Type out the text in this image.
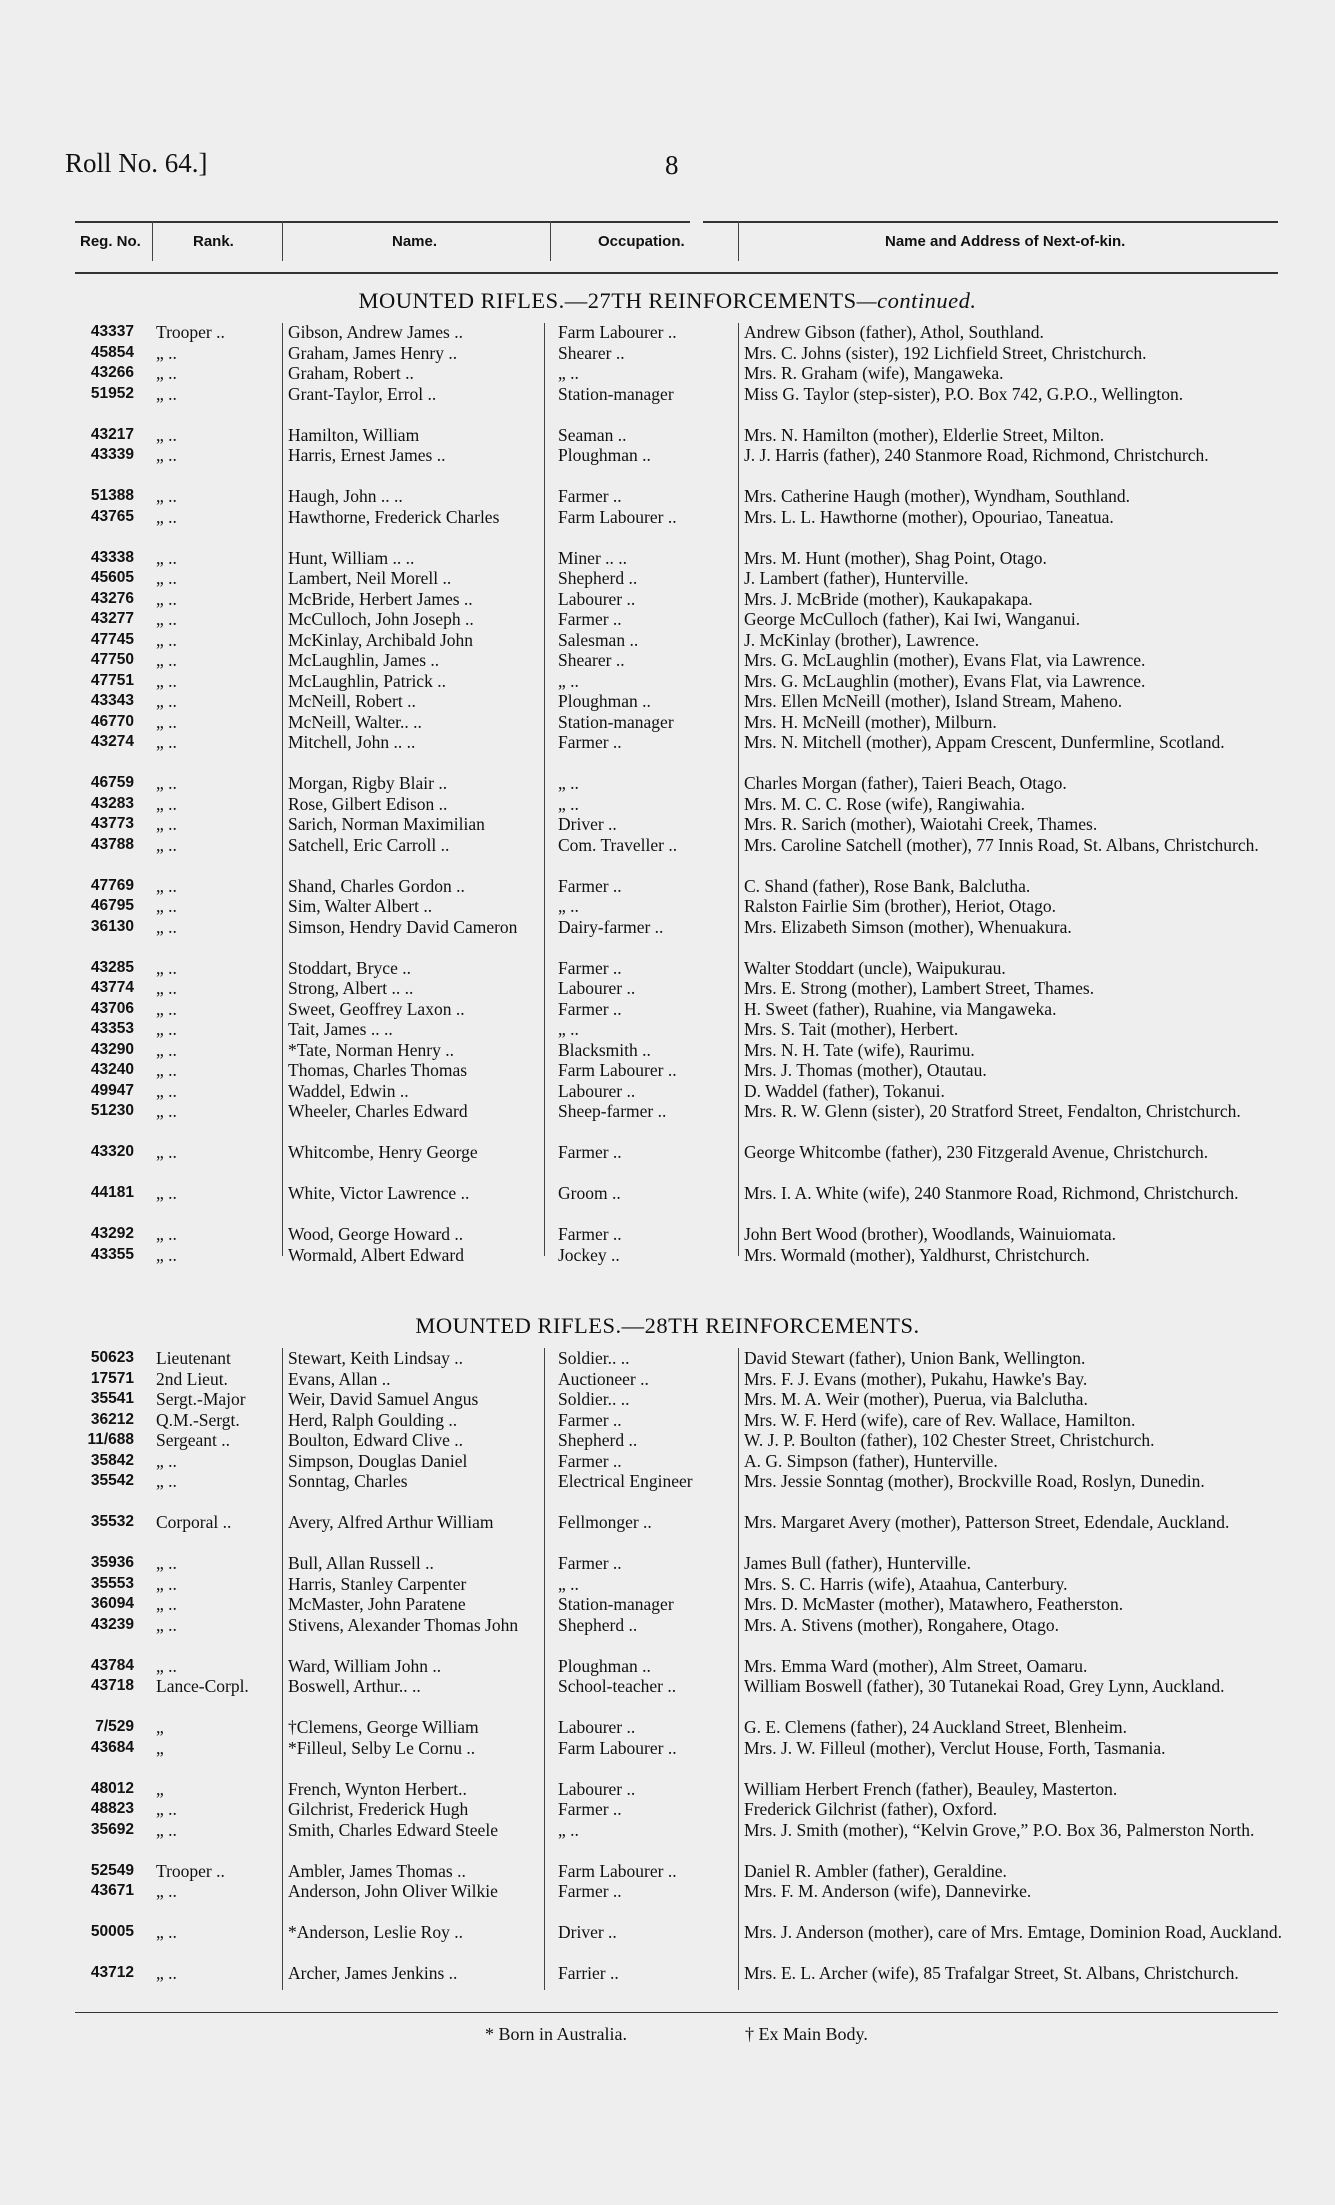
Roll No. 64.]	8
Reg. No.	Rank.	Name.	Occupation.	Name and Address of Next-of-kin.
MOUNTED RIFLES.—27TH REINFORCEMENTS—continued.
43337 Trooper ..	Gibson, Andrew James ..	Farm Labourer ..	Andrew Gibson (father), Athol, Southland.
45854 „ ..	Graham, James Henry ..	Shearer ..	Mrs. C. Johns (sister), 192 Lichfield Street, Christchurch.
43266 „ ..	Graham, Robert ..	„ ..	Mrs. R. Graham (wife), Mangaweka.
51952 „ ..	Grant-Taylor, Errol ..	Station-manager	Miss G. Taylor (step-sister), P.O. Box 742, G.P.O., Wellington.
43217 „ ..	Hamilton, William	Seaman ..	Mrs. N. Hamilton (mother), Elderlie Street, Milton.
43339 „ ..	Harris, Ernest James ..	Ploughman ..	J. J. Harris (father), 240 Stanmore Road, Richmond, Christchurch.
51388 „ ..	Haugh, John .. ..	Farmer ..	Mrs. Catherine Haugh (mother), Wyndham, Southland.
43765 „ ..	Hawthorne, Frederick Charles	Farm Labourer ..	Mrs. L. L. Hawthorne (mother), Opouriao, Taneatua.
43338 „ ..	Hunt, William .. ..	Miner .. ..	Mrs. M. Hunt (mother), Shag Point, Otago.
45605 „ ..	Lambert, Neil Morell ..	Shepherd ..	J. Lambert (father), Hunterville.
43276 „ ..	McBride, Herbert James ..	Labourer ..	Mrs. J. McBride (mother), Kaukapakapa.
43277 „ ..	McCulloch, John Joseph ..	Farmer ..	George McCulloch (father), Kai Iwi, Wanganui.
47745 „ ..	McKinlay, Archibald John	Salesman ..	J. McKinlay (brother), Lawrence.
47750 „ ..	McLaughlin, James ..	Shearer ..	Mrs. G. McLaughlin (mother), Evans Flat, via Lawrence.
47751 „ ..	McLaughlin, Patrick ..	„ ..	Mrs. G. McLaughlin (mother), Evans Flat, via Lawrence.
43343 „ ..	McNeill, Robert ..	Ploughman ..	Mrs. Ellen McNeill (mother), Island Stream, Maheno.
46770 „ ..	McNeill, Walter.. ..	Station-manager	Mrs. H. McNeill (mother), Milburn.
43274 „ ..	Mitchell, John .. ..	Farmer ..	Mrs. N. Mitchell (mother), Appam Crescent, Dunfermline, Scotland.
46759 „ ..	Morgan, Rigby Blair ..	„ ..	Charles Morgan (father), Taieri Beach, Otago.
43283 „ ..	Rose, Gilbert Edison ..	„ ..	Mrs. M. C. C. Rose (wife), Rangiwahia.
43773 „ ..	Sarich, Norman Maximilian	Driver ..	Mrs. R. Sarich (mother), Waiotahi Creek, Thames.
43788 „ ..	Satchell, Eric Carroll ..	Com. Traveller ..	Mrs. Caroline Satchell (mother), 77 Innis Road, St. Albans, Christchurch.
47769 „ ..	Shand, Charles Gordon ..	Farmer ..	C. Shand (father), Rose Bank, Balclutha.
46795 „ ..	Sim, Walter Albert ..	„ ..	Ralston Fairlie Sim (brother), Heriot, Otago.
36130 „ ..	Simson, Hendry David Cameron	Dairy-farmer ..	Mrs. Elizabeth Simson (mother), Whenuakura.
43285 „ ..	Stoddart, Bryce ..	Farmer ..	Walter Stoddart (uncle), Waipukurau.
43774 „ ..	Strong, Albert .. ..	Labourer ..	Mrs. E. Strong (mother), Lambert Street, Thames.
43706 „ ..	Sweet, Geoffrey Laxon ..	Farmer ..	H. Sweet (father), Ruahine, via Mangaweka.
43353 „ ..	Tait, James .. ..	„ ..	Mrs. S. Tait (mother), Herbert.
43290 „ ..	*Tate, Norman Henry ..	Blacksmith ..	Mrs. N. H. Tate (wife), Raurimu.
43240 „ ..	Thomas, Charles Thomas	Farm Labourer ..	Mrs. J. Thomas (mother), Otautau.
49947 „ ..	Waddel, Edwin ..	Labourer ..	D. Waddel (father), Tokanui.
51230 „ ..	Wheeler, Charles Edward	Sheep-farmer ..	Mrs. R. W. Glenn (sister), 20 Stratford Street, Fendalton, Christchurch.
43320 „ ..	Whitcombe, Henry George	Farmer ..	George Whitcombe (father), 230 Fitzgerald Avenue, Christchurch.
44181 „ ..	White, Victor Lawrence ..	Groom ..	Mrs. I. A. White (wife), 240 Stanmore Road, Richmond, Christchurch.
43292 „ ..	Wood, George Howard ..	Farmer ..	John Bert Wood (brother), Woodlands, Wainuiomata.
43355 „ ..	Wormald, Albert Edward	Jockey ..	Mrs. Wormald (mother), Yaldhurst, Christchurch.
MOUNTED RIFLES.—28TH REINFORCEMENTS.
50623 Lieutenant	Stewart, Keith Lindsay ..	Soldier.. ..	David Stewart (father), Union Bank, Wellington.
17571 2nd Lieut.	Evans, Allan ..	Auctioneer ..	Mrs. F. J. Evans (mother), Pukahu, Hawke's Bay.
35541 Sergt.-Major	Weir, David Samuel Angus	Soldier.. ..	Mrs. M. A. Weir (mother), Puerua, via Balclutha.
36212 Q.M.-Sergt.	Herd, Ralph Goulding ..	Farmer ..	Mrs. W. F. Herd (wife), care of Rev. Wallace, Hamilton.
11/688 Sergeant ..	Boulton, Edward Clive ..	Shepherd ..	W. J. P. Boulton (father), 102 Chester Street, Christchurch.
35842 „ ..	Simpson, Douglas Daniel	Farmer ..	A. G. Simpson (father), Hunterville.
35542 „ ..	Sonntag, Charles	Electrical Engineer	Mrs. Jessie Sonntag (mother), Brockville Road, Roslyn, Dunedin.
35532 Corporal ..	Avery, Alfred Arthur William	Fellmonger ..	Mrs. Margaret Avery (mother), Patterson Street, Edendale, Auckland.
35936 „ ..	Bull, Allan Russell ..	Farmer ..	James Bull (father), Hunterville.
35553 „ ..	Harris, Stanley Carpenter	„ ..	Mrs. S. C. Harris (wife), Ataahua, Canterbury.
36094 „ ..	McMaster, John Paratene	Station-manager	Mrs. D. McMaster (mother), Matawhero, Featherston.
43239 „ ..	Stivens, Alexander Thomas John	Shepherd ..	Mrs. A. Stivens (mother), Rongahere, Otago.
43784 „ ..	Ward, William John ..	Ploughman ..	Mrs. Emma Ward (mother), Alm Street, Oamaru.
43718 Lance-Corpl.	Boswell, Arthur.. ..	School-teacher ..	William Boswell (father), 30 Tutanekai Road, Grey Lynn, Auckland.
7/529 „	†Clemens, George William	Labourer ..	G. E. Clemens (father), 24 Auckland Street, Blenheim.
43684 „	*Filleul, Selby Le Cornu ..	Farm Labourer ..	Mrs. J. W. Filleul (mother), Verclut House, Forth, Tasmania.
48012 „	French, Wynton Herbert..	Labourer ..	William Herbert French (father), Beauley, Masterton.
48823 „ ..	Gilchrist, Frederick Hugh	Farmer ..	Frederick Gilchrist (father), Oxford.
35692 „ ..	Smith, Charles Edward Steele	„ ..	Mrs. J. Smith (mother), “Kelvin Grove,” P.O. Box 36, Palmerston North.
52549 Trooper ..	Ambler, James Thomas ..	Farm Labourer ..	Daniel R. Ambler (father), Geraldine.
43671 „ ..	Anderson, John Oliver Wilkie	Farmer ..	Mrs. F. M. Anderson (wife), Dannevirke.
50005 „ ..	*Anderson, Leslie Roy ..	Driver ..	Mrs. J. Anderson (mother), care of Mrs. Emtage, Dominion Road, Auckland.
43712 „ ..	Archer, James Jenkins ..	Farrier ..	Mrs. E. L. Archer (wife), 85 Trafalgar Street, St. Albans, Christchurch.
* Born in Australia.	† Ex Main Body.
